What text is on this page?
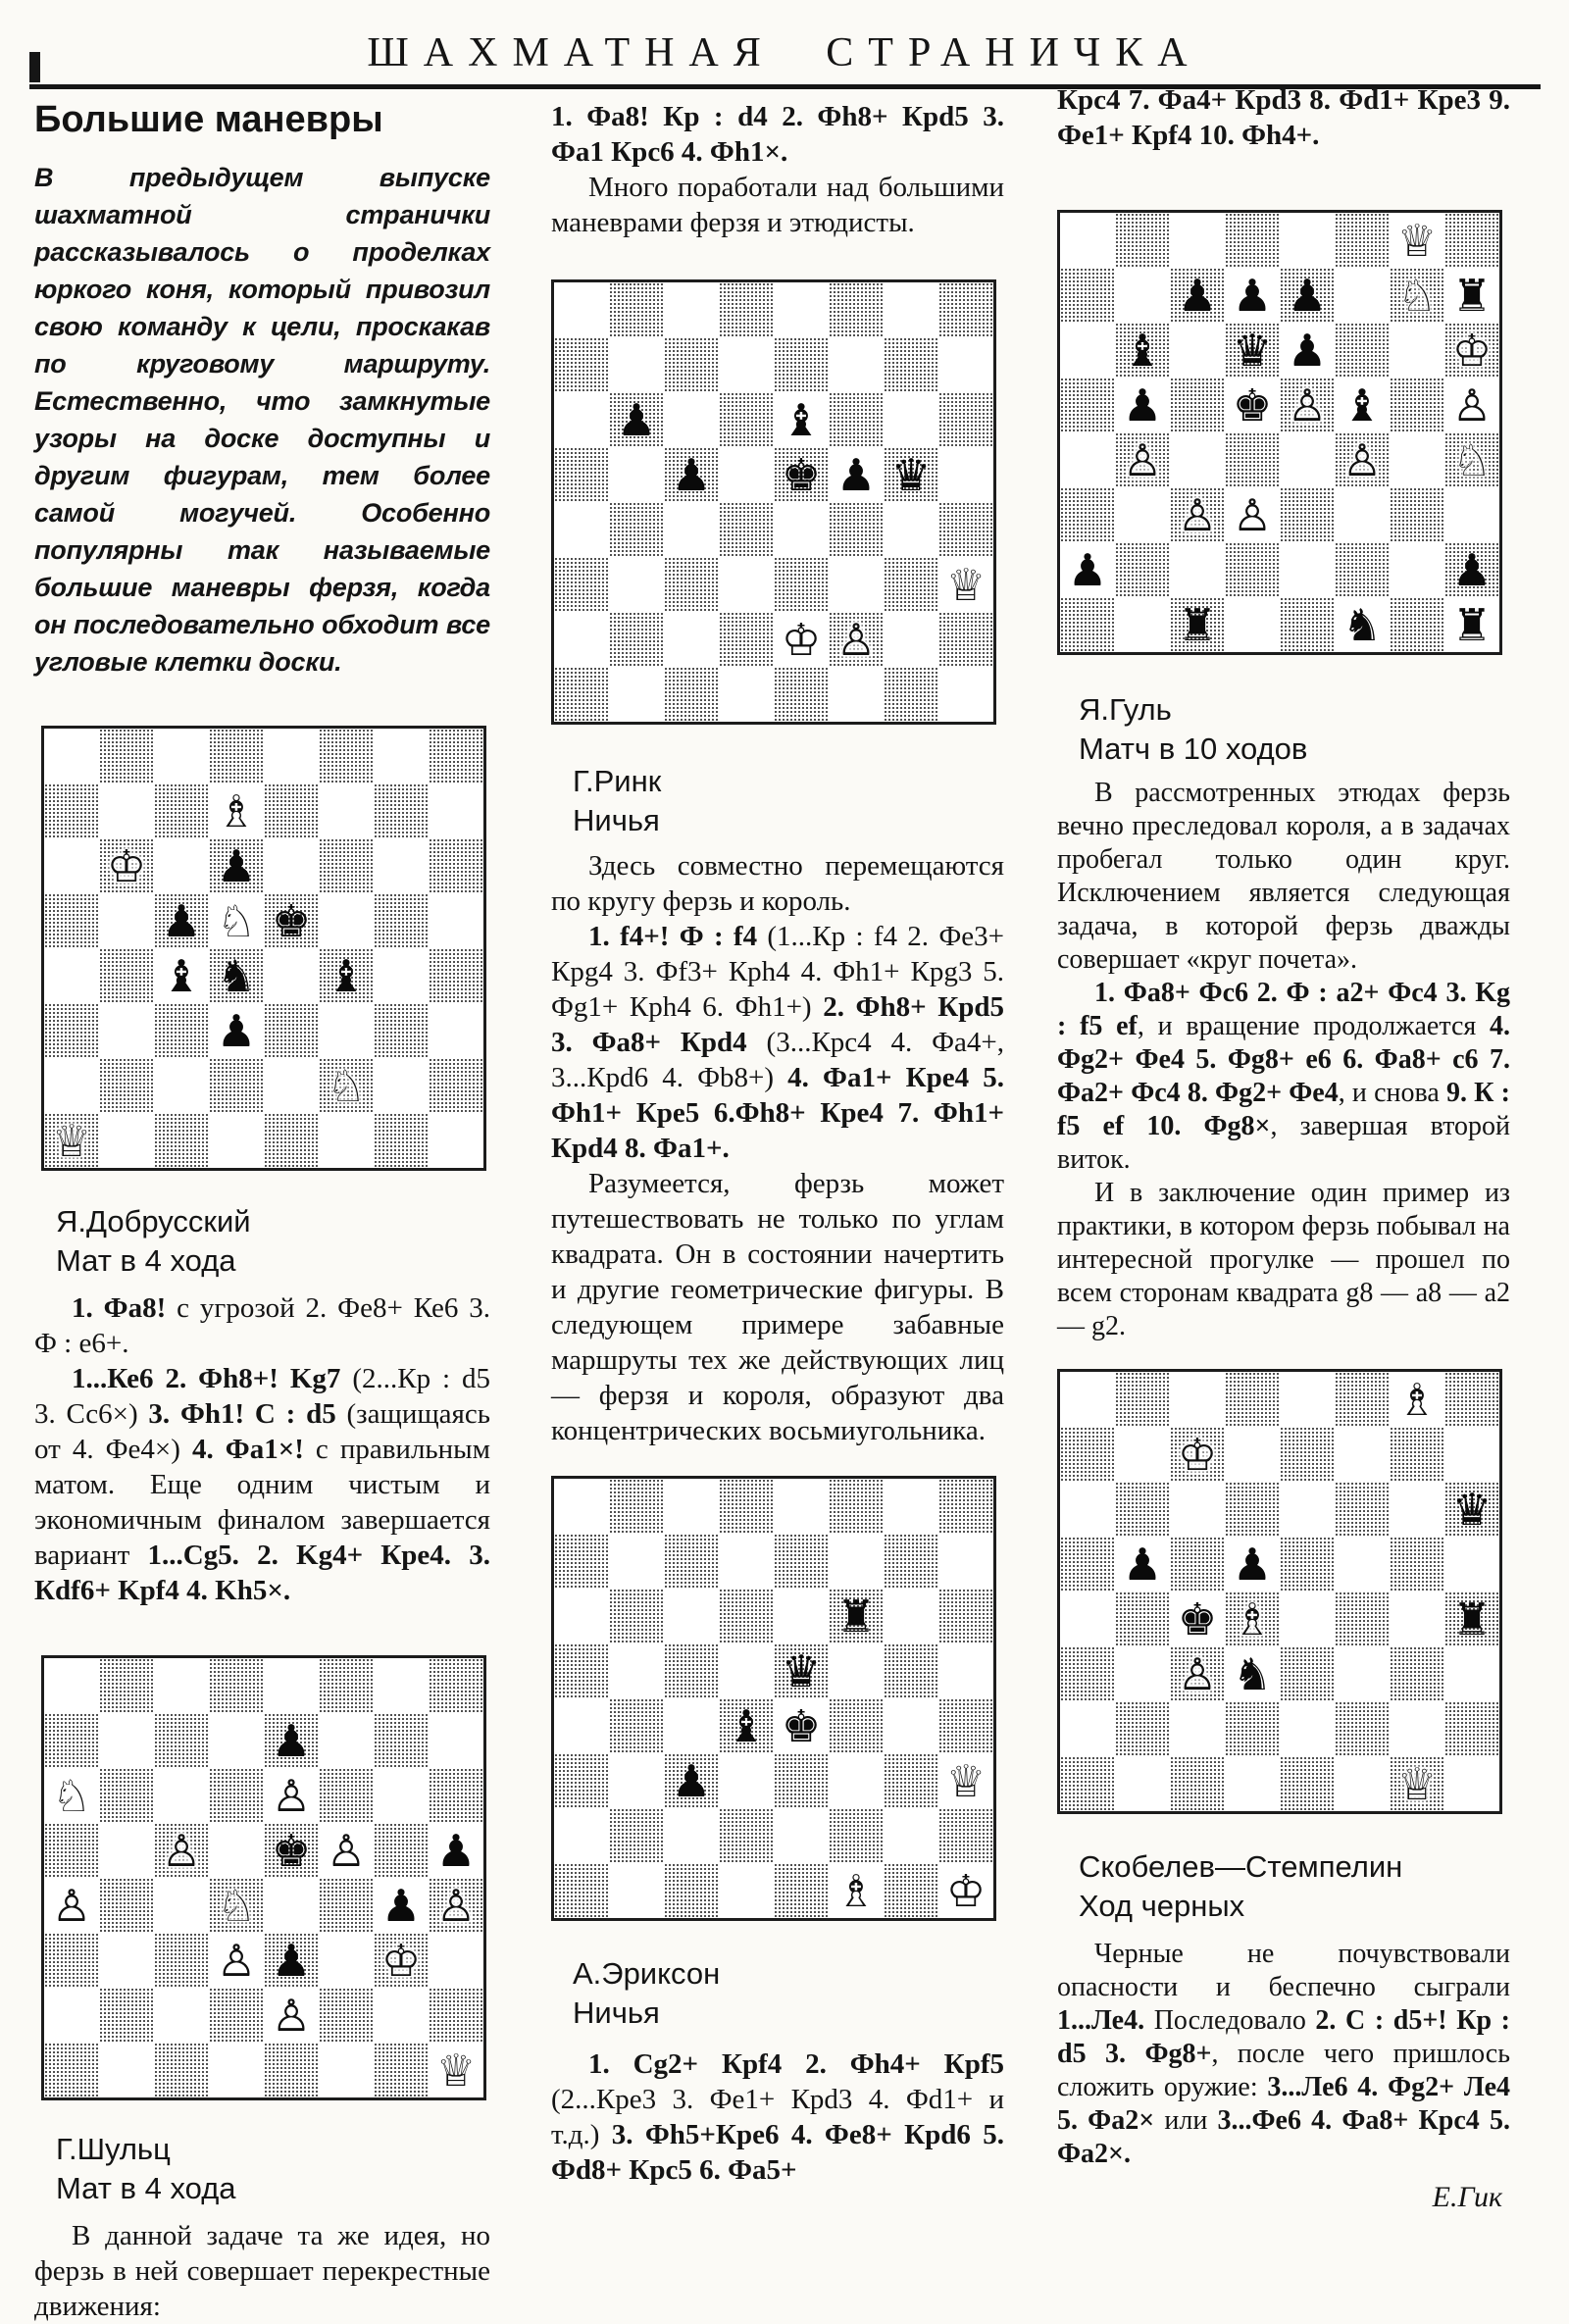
ШАХМАТНАЯ СТРАНИЧКА
Большие маневры

В предыдущем выпуске шахматной странички рассказывалось о проделках юркого коня, который привозил свою команду к цели, проскакав по круговому маршруту. Естественно, что замкнутые узоры на доске доступны и другим фигурам, тем более самой могучей. Особенно популярны так называемые большие маневры ферзя, когда он последовательно обходит все угловые клетки доски.

♗
♔ ♟
♟ ♘ ♚
♝ ♞ ♝
♟
♘
♕
Я.Добрусский
Мат в 4 хода

1. Фа8! с угрозой 2. Фе8+ Ке6 3. Ф : е6+.

1...Ке6 2. Фh8+! Kg7 (2...Кр : d5 3. Сс6×) 3. Фh1! С : d5 (защищаясь от 4. Фе4×) 4. Фа1×! с правильным матом. Еще одним чистым и экономичным финалом завершается вариант 1...Сg5. 2. Kg4+ Кре4. 3. Кdf6+ Kpf4 4. Kh5×.

♟
♘	♙
♙ ♚ ♙ ♟
♙	♘	♟ ♙
♙ ♟ ♔
♙
♕
Г.Шульц
Мат в 4 хода

В данной задаче та же идея, но ферзь в ней совершает перекрестные движения:

1. Фа8! Кр : d4 2. Фh8+ Кpd5 3. Фа1 Кpc6 4. Фh1×.

Много поработали над большими маневрами ферзя и этюдисты.

♟	♝
♟ ♚ ♟ ♛
♕
♔ ♙
Г.Ринк
Ничья

Здесь совместно перемещаются по кругу ферзь и король.

1. f4+! Ф : f4 (1...Кр : f4 2. Фе3+ Кpg4 3. Фf3+ Кph4 4. Фh1+ Кpg3 5. Фg1+ Кph4 6. Фh1+) 2. Фh8+ Кpd5 3. Фа8+ Кpd4 (3...Крс4 4. Фа4+, 3...Кpd6 4. Фb8+) 4. Фа1+ Кре4 5. Фh1+ Кре5 6.Фh8+ Кре4 7. Фh1+ Кpd4 8. Фа1+.

Разумеется, ферзь может путешествовать не только по углам квадрата. Он в состоянии начертить и другие геометрические фигуры. В следующем примере забавные маршруты тех же действующих лиц — ферзя и короля, образуют два концентрических восьмиугольника.

♜
♛
♝ ♚
♟	♕
♗ ♔
А.Эриксон
Ничья

1. Сg2+ Кpf4 2. Фh4+ Кpf5 (2...Кре3 3. Фе1+ Кpd3 4. Фd1+ и т.д.) 3. Фh5+Кре6 4. Фе8+ Кpd6 5. Фd8+ Кpc5 6. Фа5+

Крс4 7. Фа4+ Кpd3 8. Фd1+ Кре3 9. Фе1+ Кpf4 10. Фh4+.

♕
♟ ♟ ♟ ♘ ♜
♝ ♛ ♟	♔
♟ ♚ ♙ ♝ ♙
♙	♙ ♘
♙ ♙
♟	♟
♜	♞ ♜
Я.Гуль
Матч в 10 ходов

В рассмотренных этюдах ферзь вечно преследовал короля, а в задачах пробегал только один круг. Исключением является следующая задача, в которой ферзь дважды совершает «круг почета».

1. Фа8+ Фс6 2. Ф : а2+ Фс4 3. Kg : f5 ef, и вращение продолжается 4. Фg2+ Фе4 5. Фg8+ е6 6. Фа8+ с6 7. Фа2+ Фс4 8. Фg2+ Фе4, и снова 9. К : f5 ef 10. Фg8×, завершая второй виток.

И в заключение один пример из практики, в котором ферзь побывал на интересной прогулке — прошел по всем сторонам квадрата g8 — а8 — а2 — g2.

♗
♔
♛
♟ ♟
♚ ♗	♜
♙ ♞
♕
Скобелев—Стемпелин
Ход черных

Черные не почувствовали опасности и беспечно сыграли 1...Ле4. Последовало 2. С : d5+! Кр : d5 3. Фg8+, после чего пришлось сложить оружие: 3...Ле6 4. Фg2+ Ле4 5. Фа2× или 3...Фе6 4. Фа8+ Крс4 5. Фа2×.

Е.Гик
